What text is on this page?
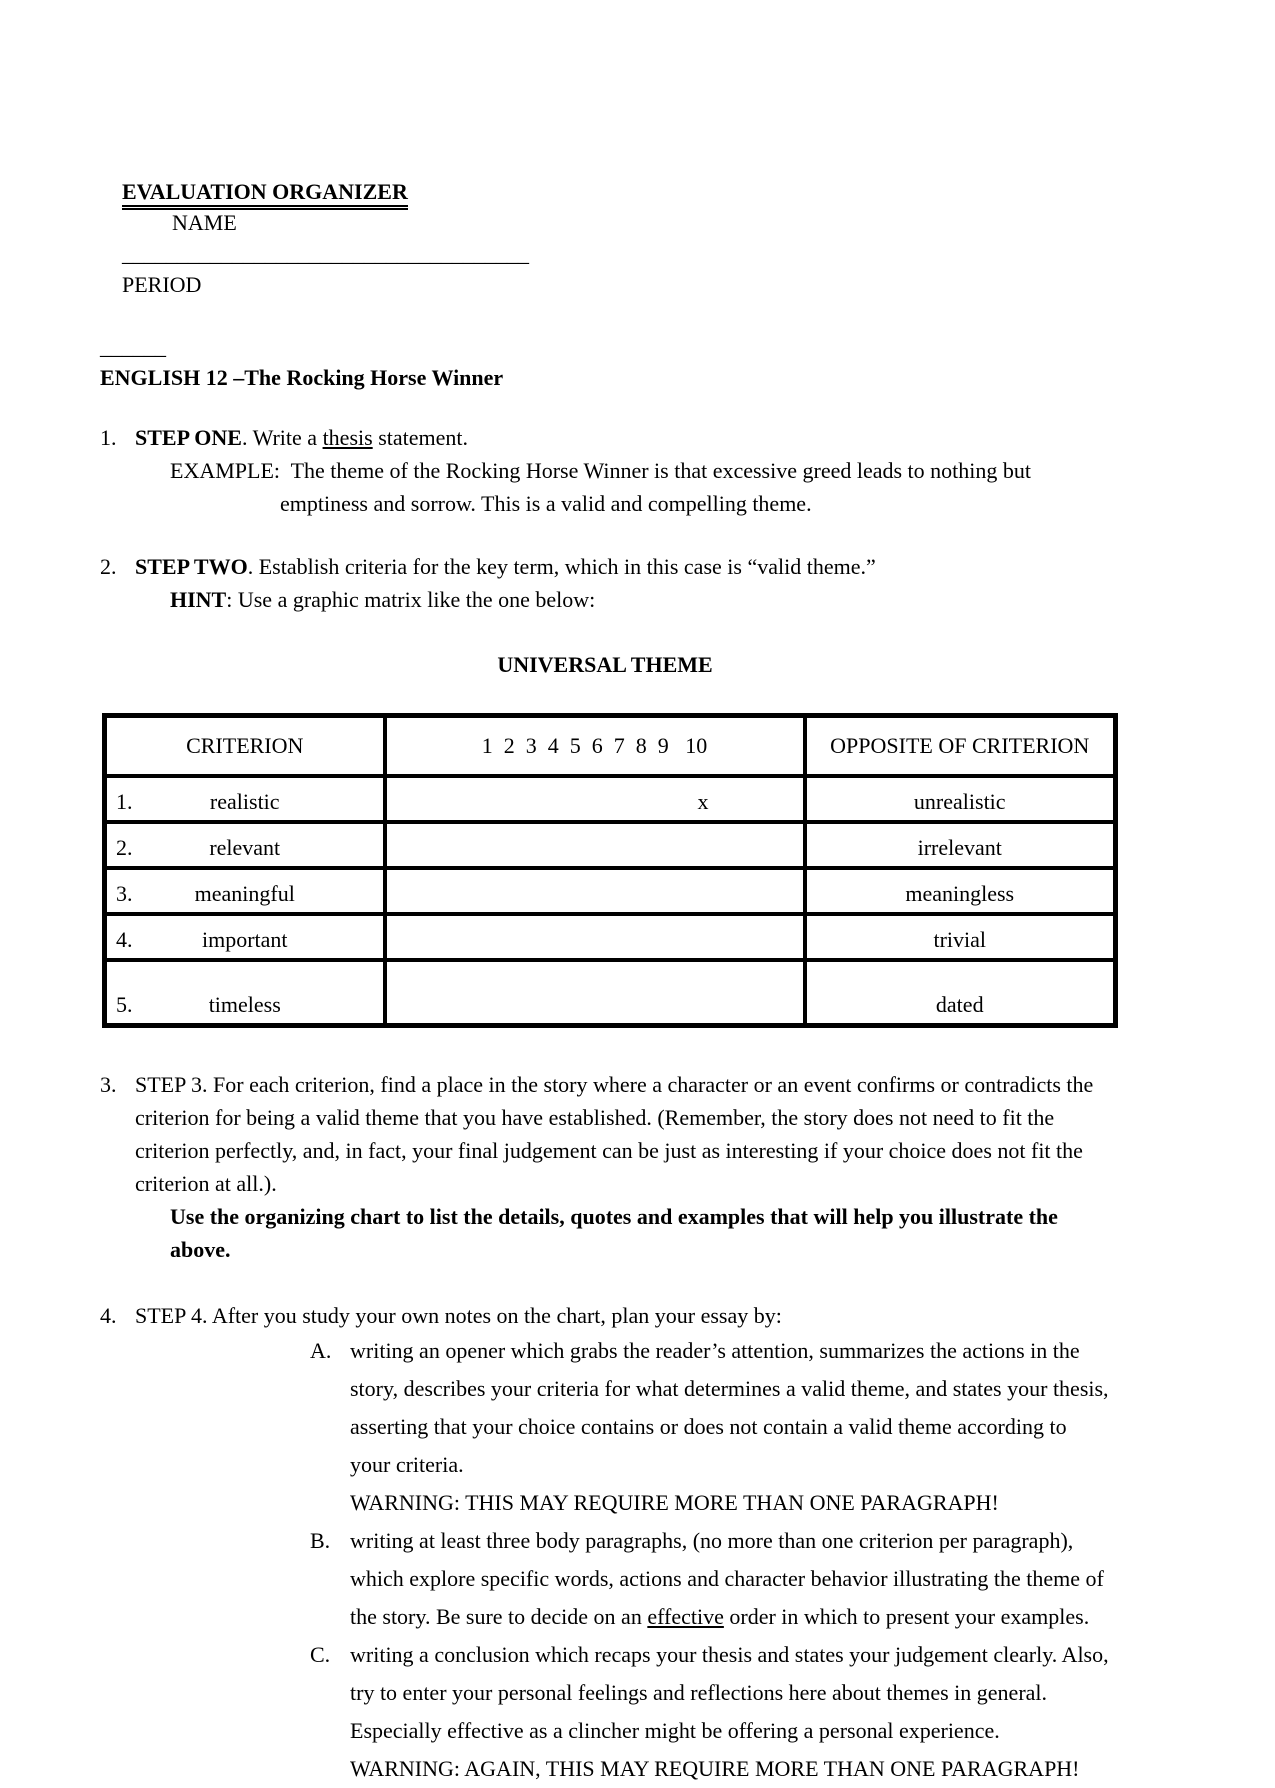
EVALUATION ORGANIZER
NAME
_____________________________________
PERIOD

______
ENGLISH 12 –The Rocking Horse Winner
1. STEP ONE. Write a thesis statement.
EXAMPLE:  The theme of the Rocking Horse Winner is that excessive greed leads to nothing but
emptiness and sorrow. This is a valid and compelling theme.
2. STEP TWO. Establish criteria for the key term, which in this case is “valid theme.”
HINT: Use a graphic matrix like the one below:
UNIVERSAL THEME
CRITERION	1  2  3  4  5  6  7  8  9   10	OPPOSITE OF CRITERION

1. realistic	x	unrealistic

2. relevant		irrelevant

3. meaningful		meaningless

4. important		trivial

5. timeless		dated
3. STEP 3. For each criterion, find a place in the story where a character or an event confirms or contradicts the criterion for being a valid theme that you have established. (Remember, the story does not need to fit the criterion perfectly, and, in fact, your final judgement can be just as interesting if your choice does not fit the criterion at all.).
Use the organizing chart to list the details, quotes and examples that will help you illustrate the above.
4. STEP 4. After you study your own notes on the chart, plan your essay by:
A. writing an opener which grabs the reader’s attention, summarizes the actions in the story, describes your criteria for what determines a valid theme, and states your thesis, asserting that your choice contains or does not contain a valid theme according to your criteria.
WARNING: THIS MAY REQUIRE MORE THAN ONE PARAGRAPH!
B. writing at least three body paragraphs, (no more than one criterion per paragraph), which explore specific words, actions and character behavior illustrating the theme of the story. Be sure to decide on an effective order in which to present your examples.
C. writing a conclusion which recaps your thesis and states your judgement clearly. Also, try to enter your personal feelings and reflections here about themes in general. Especially effective as a clincher might be offering a personal experience.
WARNING: AGAIN, THIS MAY REQUIRE MORE THAN ONE PARAGRAPH!
